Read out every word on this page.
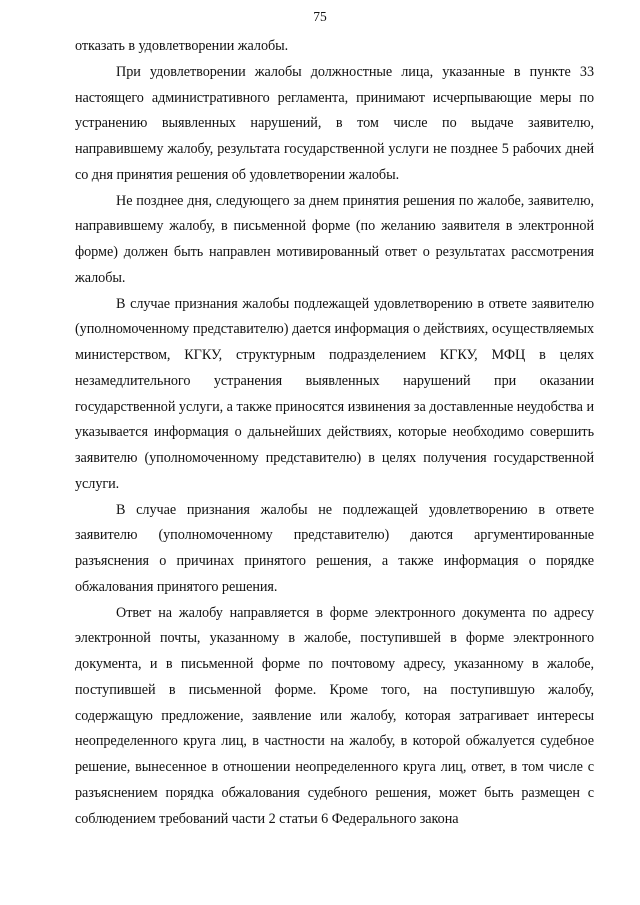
75

отказать в удовлетворении жалобы.

При удовлетворении жалобы должностные лица, указанные в пункте 33 настоящего административного регламента, принимают исчерпывающие меры по устранению выявленных нарушений, в том числе по выдаче заявителю, направившему жалобу, результата государственной услуги не позднее 5 рабочих дней со дня принятия решения об удовлетворении жалобы.

Не позднее дня, следующего за днем принятия решения по жалобе, заявителю, направившему жалобу, в письменной форме (по желанию заявителя в электронной форме) должен быть направлен мотивированный ответ о результатах рассмотрения жалобы.

В случае признания жалобы подлежащей удовлетворению в ответе заявителю (уполномоченному представителю) дается информация о действиях, осуществляемых министерством, КГКУ, структурным подразделением КГКУ, МФЦ в целях незамедлительного устранения выявленных нарушений при оказании государственной услуги, а также приносятся извинения за доставленные неудобства и указывается информация о дальнейших действиях, которые необходимо совершить заявителю (уполномоченному представителю) в целях получения государственной услуги.

В случае признания жалобы не подлежащей удовлетворению в ответе заявителю (уполномоченному представителю) даются аргументированные разъяснения о причинах принятого решения, а также информация о порядке обжалования принятого решения.

Ответ на жалобу направляется в форме электронного документа по адресу электронной почты, указанному в жалобе, поступившей в форме электронного документа, и в письменной форме по почтовому адресу, указанному в жалобе, поступившей в письменной форме. Кроме того, на поступившую жалобу, содержащую предложение, заявление или жалобу, которая затрагивает интересы неопределенного круга лиц, в частности на жалобу, в которой обжалуется судебное решение, вынесенное в отношении неопределенного круга лиц, ответ, в том числе с разъяснением порядка обжалования судебного решения, может быть размещен с соблюдением требований части 2 статьи 6 Федерального закона
